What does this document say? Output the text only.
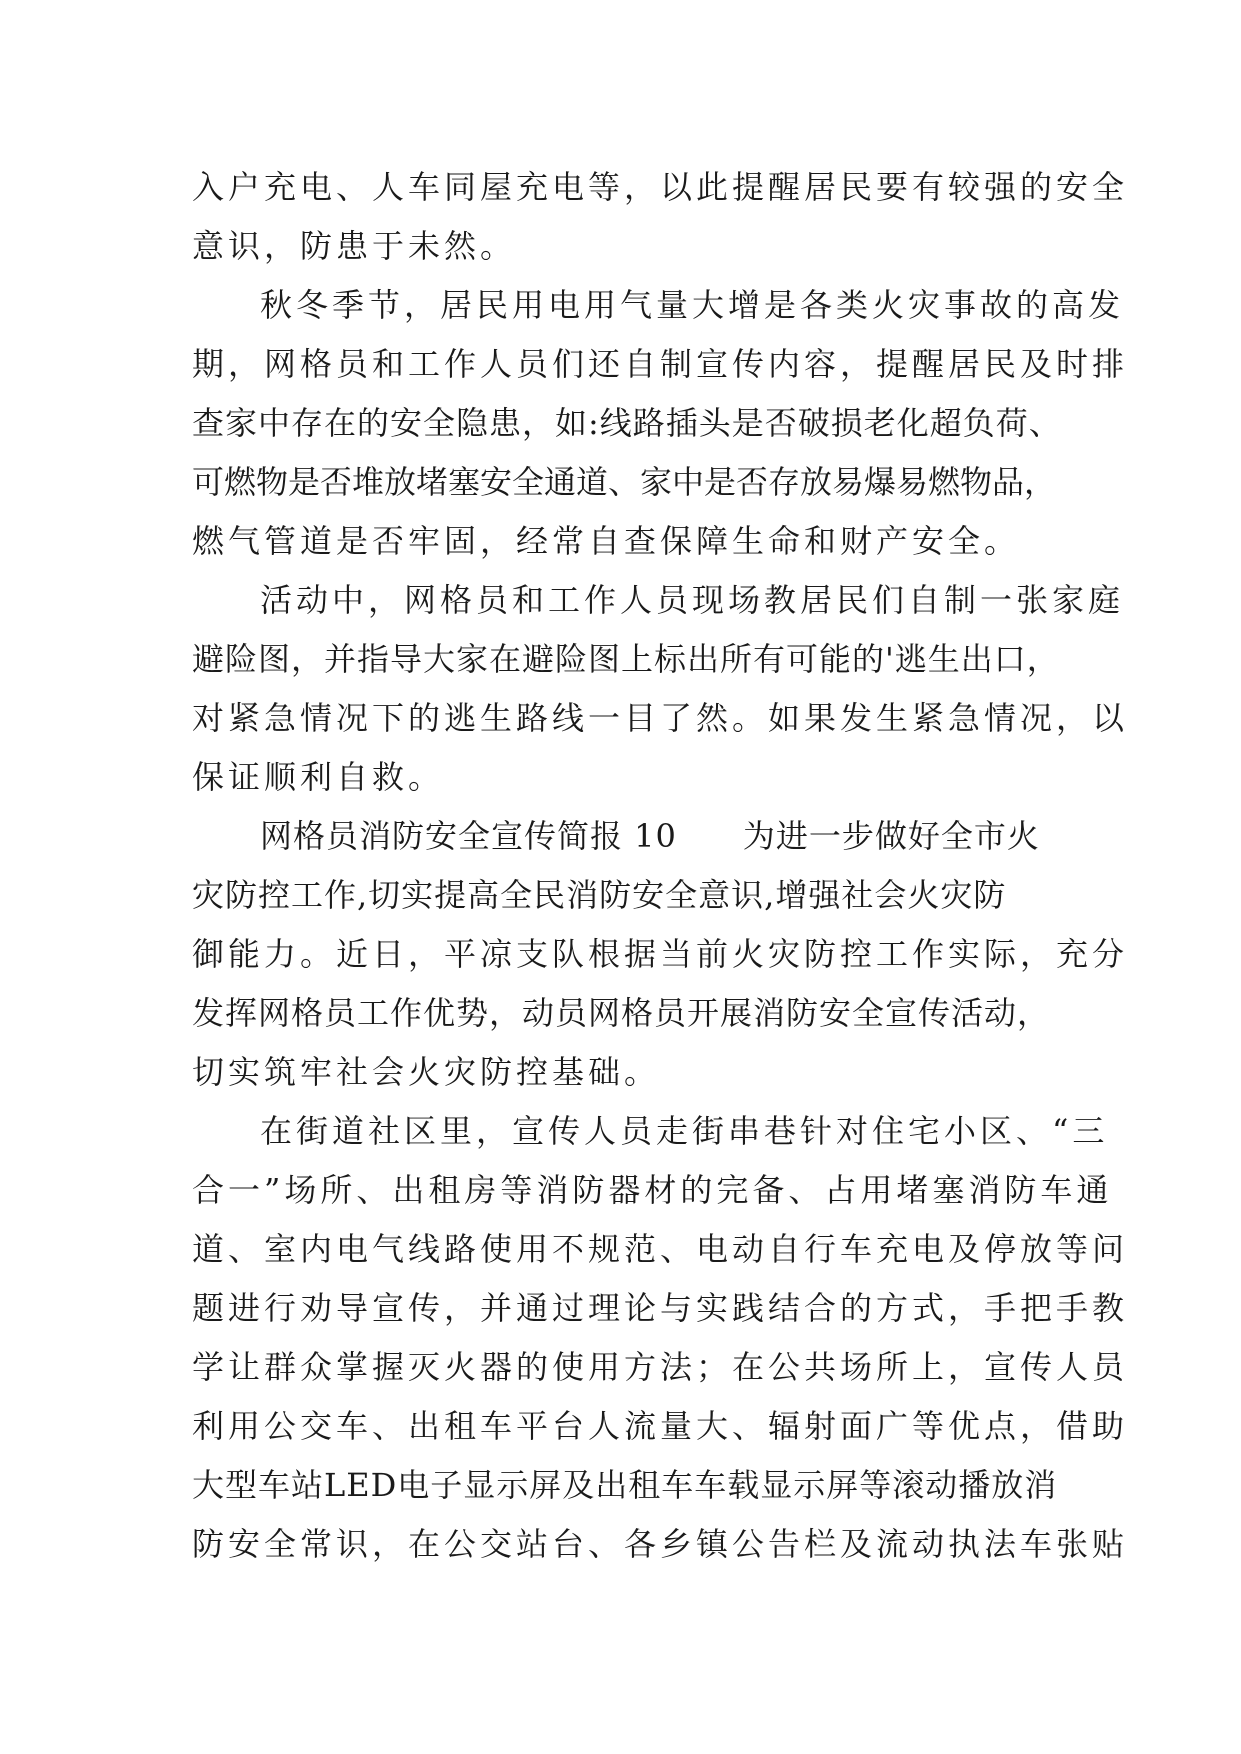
入户充电、人车同屋充电等，以此提醒居民要有较强的安全
意识，防患于未然。
秋冬季节，居民用电用气量大增是各类火灾事故的高发
期，网格员和工作人员们还自制宣传内容，提醒居民及时排
查家中存在的安全隐患，如:线路插头是否破损老化超负荷、
可燃物是否堆放堵塞安全通道、家中是否存放易爆易燃物品，
燃气管道是否牢固，经常自查保障生命和财产安全。
活动中，网格员和工作人员现场教居民们自制一张家庭
避险图，并指导大家在避险图上标出所有可能的'逃生出口，
对紧急情况下的逃生路线一目了然。如果发生紧急情况，以
保证顺利自救。
网格员消防安全宣传简报 10　　为进一步做好全市火
灾防控工作,切实提高全民消防安全意识,增强社会火灾防
御能力。近日，平凉支队根据当前火灾防控工作实际，充分
发挥网格员工作优势，动员网格员开展消防安全宣传活动，
切实筑牢社会火灾防控基础。
在街道社区里，宣传人员走街串巷针对住宅小区、“三
合一”场所、出租房等消防器材的完备、占用堵塞消防车通
道、室内电气线路使用不规范、电动自行车充电及停放等问
题进行劝导宣传，并通过理论与实践结合的方式，手把手教
学让群众掌握灭火器的使用方法；在公共场所上，宣传人员
利用公交车、出租车平台人流量大、辐射面广等优点，借助
大型车站LED电子显示屏及出租车车载显示屏等滚动播放消
防安全常识，在公交站台、各乡镇公告栏及流动执法车张贴
